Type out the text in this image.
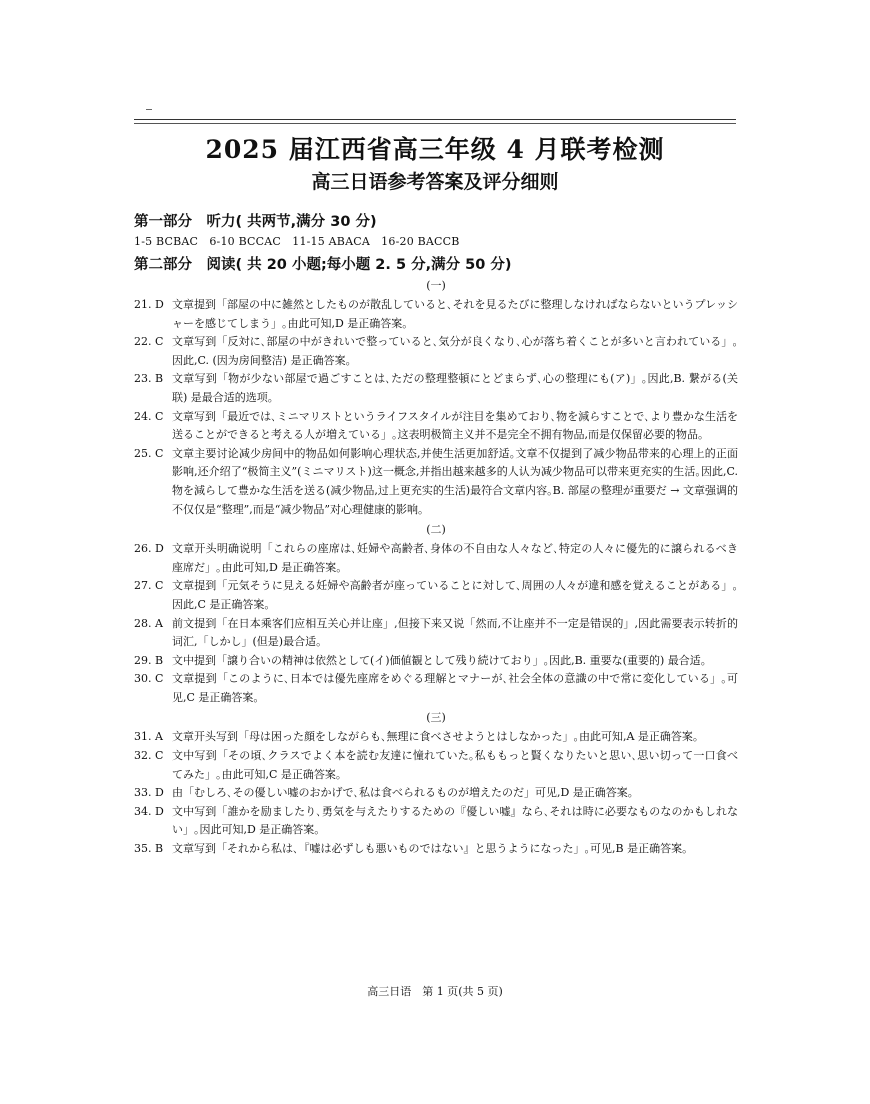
2025 届江西省高三年级 4 月联考检测
高三日语参考答案及评分细则

第一部分　听力( 共两节,满分 30 分)

1-5 BCBAC　6-10 BCCAC　11-15 ABACA　16-20 BACCB

第二部分　阅读( 共 20 小题;每小题 2. 5 分,满分 50 分)

(一)

21. D 文章提到「部屋の中に雑然としたものが散乱していると､それを見るたびに整理しなければならないというプレッシャーを感じてしまう」｡由此可知,D 是正确答案｡
22. C 文章写到「反対に､部屋の中がきれいで整っていると､気分が良くなり､心が落ち着くことが多いと言われている」｡因此,C. (因为房间整洁) 是正确答案｡
23. B 文章写到「物が少ない部屋で過ごすことは､ただの整理整頓にとどまらず､心の整理にも(ア)」｡因此,B. 繋がる(关联) 是最合适的选项｡
24. C 文章写到「最近では､ミニマリストというライフスタイルが注目を集めており､物を減らすことで､より豊かな生活を送ることができると考える人が増えている」｡这表明极简主义并不是完全不拥有物品,而是仅保留必要的物品｡
25. C 文章主要讨论减少房间中的物品如何影响心理状态,并使生活更加舒适｡文章不仅提到了减少物品带来的心理上的正面影响,还介绍了“极简主义”(ミニマリスト)这一概念,并指出越来越多的人认为减少物品可以带来更充实的生活｡因此,C. 物を減らして豊かな生活を送る(减少物品,过上更充实的生活)最符合文章内容｡B. 部屋の整理が重要だ → 文章强调的不仅仅是“整理”,而是“减少物品”对心理健康的影响｡

(二)

26. D 文章开头明确说明「これらの座席は､妊婦や高齢者､身体の不自由な人々など､特定の人々に優先的に譲られるべき座席だ」｡由此可知,D 是正确答案｡
27. C 文章提到「元気そうに見える妊婦や高齢者が座っていることに対して､周囲の人々が違和感を覚えることがある」｡因此,C 是正确答案｡
28. A 前文提到「在日本乘客们应相互关心并让座」,但接下来又说「然而,不让座并不一定是错误的」,因此需要表示转折的词汇,「しかし」(但是)最合适｡
29. B 文中提到「譲り合いの精神は依然として(イ)価値観として残り続けており」｡因此,B. 重要な(重要的) 最合适｡
30. C 文章提到「このように､日本では優先座席をめぐる理解とマナーが､社会全体の意識の中で常に変化している」｡可见,C 是正确答案｡

(三)

31. A 文章开头写到「母は困った顔をしながらも､無理に食べさせようとはしなかった」｡由此可知,A 是正确答案｡
32. C 文中写到「その頃､クラスでよく本を読む友達に憧れていた｡私ももっと賢くなりたいと思い､思い切って一口食べてみた」｡由此可知,C 是正确答案｡
33. D 由「むしろ､その優しい嘘のおかげで､私は食べられるものが増えたのだ」可见,D 是正确答案｡
34. D 文中写到「誰かを励ましたり､勇気を与えたりするための『優しい嘘』なら､それは時に必要なものなのかもしれない」｡因此可知,D 是正确答案｡
35. B 文章写到「それから私は､『嘘は必ずしも悪いものではない』と思うようになった」｡可见,B 是正确答案｡
高三日语　第 1 页(共 5 页)
